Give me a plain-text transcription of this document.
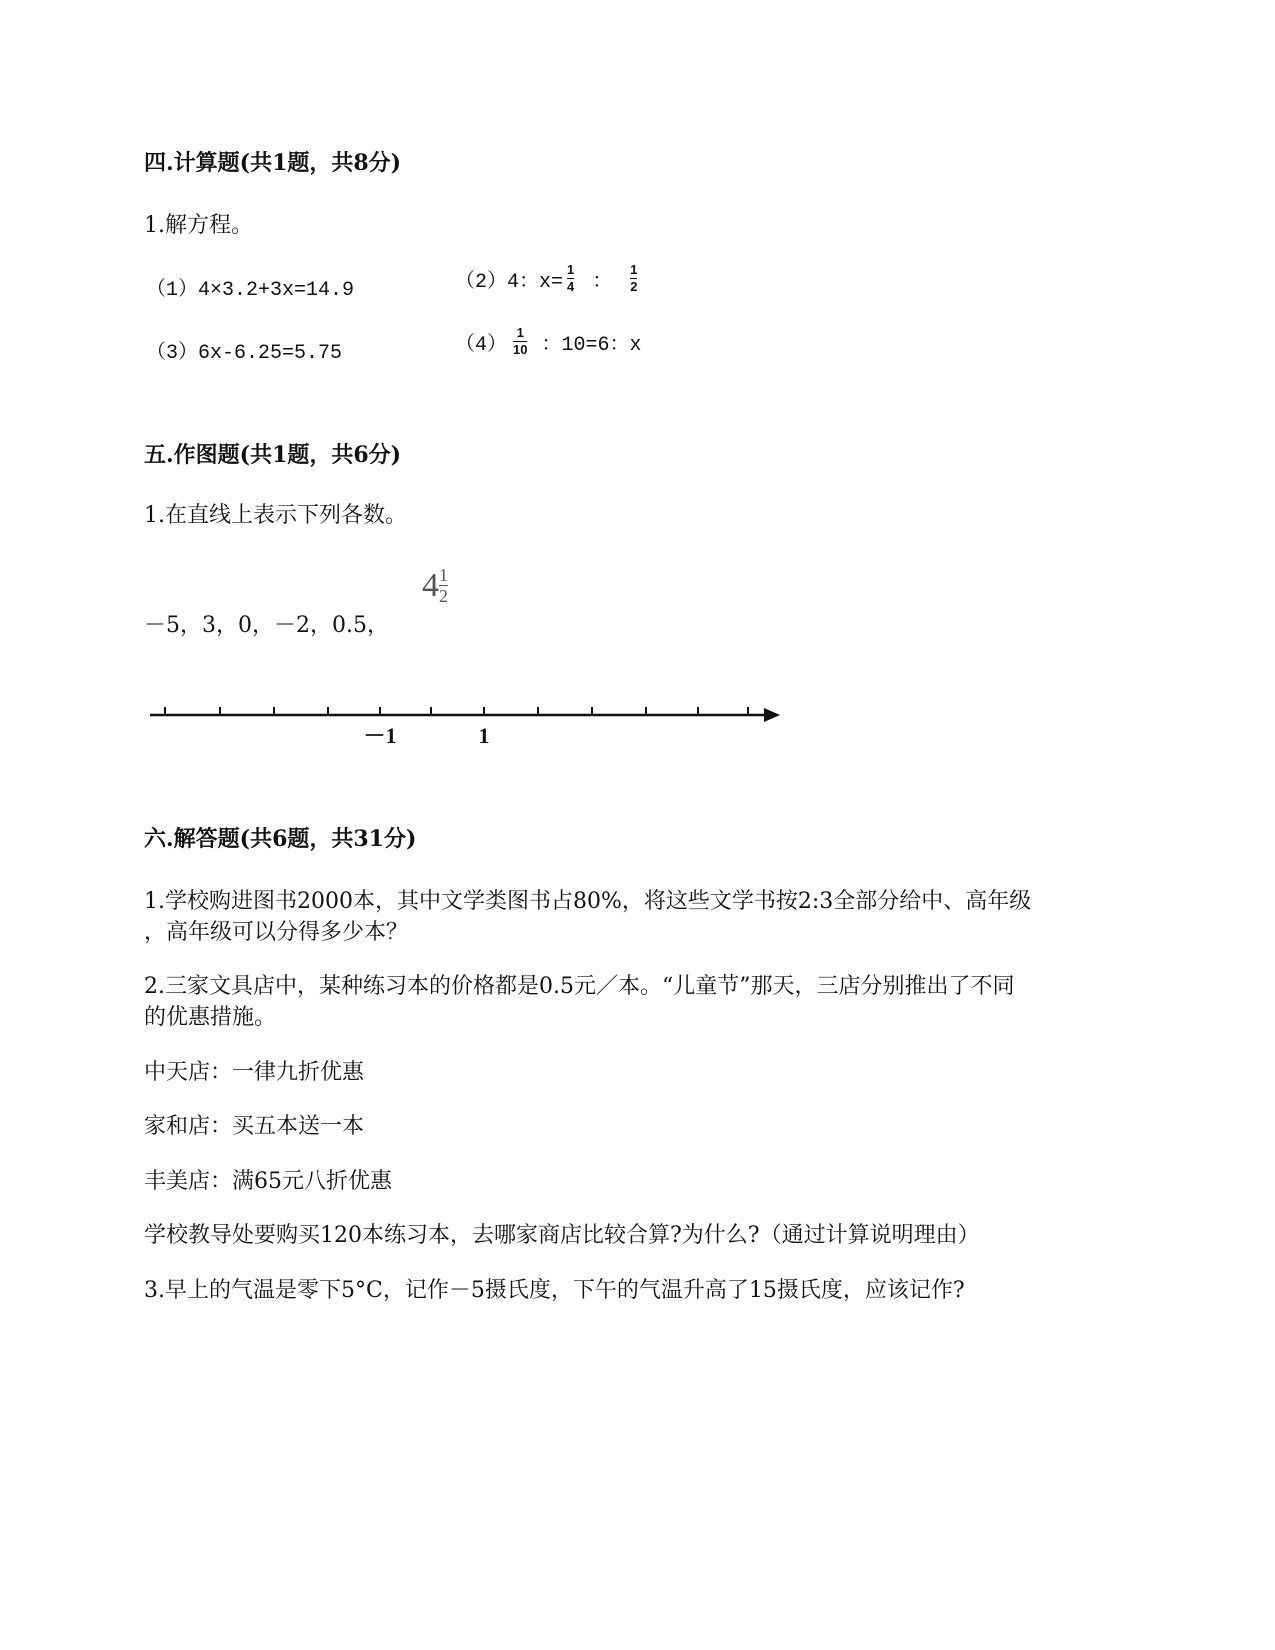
四.计算题(共1题，共8分)
1.解方程。
（1）4×3.2+3x=14.9	（2）4：$x= \frac{1}{4}$ ： $\frac{1}{2}$
（3）6x-6.25=5.75	$(4) \frac{1}{10}$ ：10=6：x
五.作图题(共1题，共6分)
1.在直线上表示下列各数。
－5，3，0，－2，0.5，
$4 \frac{1}{2}$
－1	1
六.解答题(共6题，共31分)
1.学校购进图书2000本，其中文学类图书占80%，将这些文学书按2:3全部分给中、高年级
，高年级可以分得多少本？
2.三家文具店中，某种练习本的价格都是0.5元／本。“儿童节”那天，三店分别推出了不同
的优惠措施。
中天店：一律九折优惠
家和店：买五本送一本
丰美店：满65元八折优惠
学校教导处要购买120本练习本，去哪家商店比较合算?为什么?（通过计算说明理由）
3.早上的气温是零下5°C，记作－5摄氏度，下午的气温升高了15摄氏度，应该记作?
